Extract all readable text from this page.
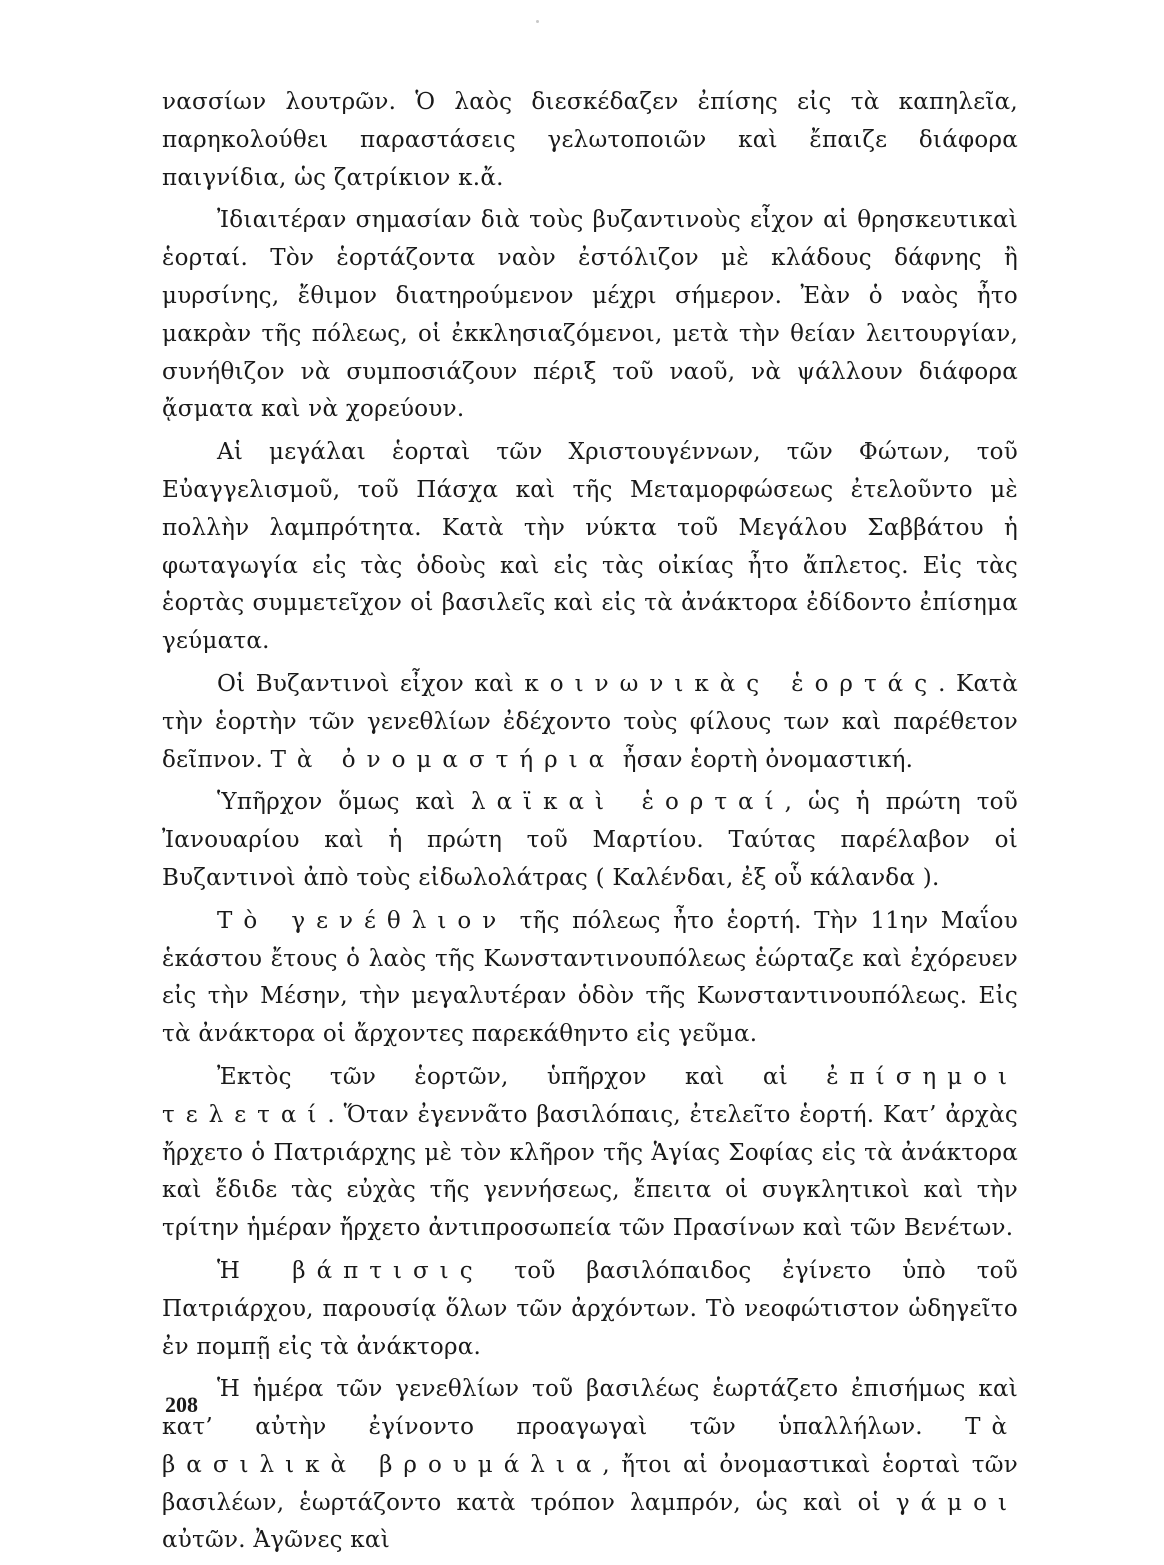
νασσίων λουτρῶν. Ὁ λαὸς διεσκέδαζεν ἐπίσης εἰς τὰ καπηλεῖα, παρηκολούθει παραστάσεις γελωτοποιῶν καὶ ἔπαιζε διάφορα παιγνίδια, ὡς ζατρίκιον κ.ἄ.

Ἰδιαιτέραν σημασίαν διὰ τοὺς βυζαντινοὺς εἶχον αἱ θρησκευτικαὶ ἑορταί. Τὸν ἑορτάζοντα ναὸν ἐστόλιζον μὲ κλάδους δάφνης ἢ μυρσίνης, ἔθιμον διατηρούμενον μέχρι σήμερον. Ἐὰν ὁ ναὸς ἦτο μακρὰν τῆς πόλεως, οἱ ἐκκλησιαζόμενοι, μετὰ τὴν θείαν λειτουργίαν, συνήθιζον νὰ συμποσιάζουν πέριξ τοῦ ναοῦ, νὰ ψάλλουν διάφορα ᾄσματα καὶ νὰ χορεύουν.

Αἱ μεγάλαι ἑορταὶ τῶν Χριστουγέννων, τῶν Φώτων, τοῦ Εὐαγγελισμοῦ, τοῦ Πάσχα καὶ τῆς Μεταμορφώσεως ἐτελοῦντο μὲ πολλὴν λαμπρότητα. Κατὰ τὴν νύκτα τοῦ Μεγάλου Σαββάτου ἡ φωταγωγία εἰς τὰς ὁδοὺς καὶ εἰς τὰς οἰκίας ἦτο ἄπλετος. Εἰς τὰς ἑορτὰς συμμετεῖχον οἱ βασιλεῖς καὶ εἰς τὰ ἀνάκτορα ἐδίδοντο ἐπίσημα γεύματα.

Οἱ Βυζαντινοὶ εἶχον καὶ κοινωνικὰς ἑορτάς. Κατὰ τὴν ἑορτὴν τῶν γενεθλίων ἐδέχοντο τοὺς φίλους των καὶ παρέθετον δεῖπνον. Τὰ ὀνομαστήρια ἦσαν ἑορτὴ ὀνομαστική.

Ὑπῆρχον ὅμως καὶ λαϊκαὶ ἑορταί, ὡς ἡ πρώτη τοῦ Ἰανουαρίου καὶ ἡ πρώτη τοῦ Μαρτίου. Ταύτας παρέλαβον οἱ Βυζαντινοὶ ἀπὸ τοὺς εἰδωλολάτρας ( Καλένδαι, ἐξ οὗ κάλανδα ).

Τὸ γενέθλιον τῆς πόλεως ἦτο ἑορτή. Τὴν 11ην Μαΐου ἑκάστου ἔτους ὁ λαὸς τῆς Κωνσταντινουπόλεως ἑώρταζε καὶ ἐχόρευεν εἰς τὴν Μέσην, τὴν μεγαλυτέραν ὁδὸν τῆς Κωνσταντινουπόλεως. Εἰς τὰ ἀνάκτορα οἱ ἄρχοντες παρεκάθηντο εἰς γεῦμα.

Ἐκτὸς τῶν ἑορτῶν, ὑπῆρχον καὶ αἱ ἐπίσημοι τελεταί. Ὅταν ἐγεννᾶτο βασιλόπαις, ἐτελεῖτο ἑορτή. Κατ’ ἀρχὰς ἤρχετο ὁ Πατριάρχης μὲ τὸν κλῆρον τῆς Ἁγίας Σοφίας εἰς τὰ ἀνάκτορα καὶ ἔδιδε τὰς εὐχὰς τῆς γεννήσεως, ἔπειτα οἱ συγκλητικοὶ καὶ τὴν τρίτην ἡμέραν ἤρχετο ἀντιπροσωπεία τῶν Πρασίνων καὶ τῶν Βενέτων.

Ἡ βάπτισις τοῦ βασιλόπαιδος ἐγίνετο ὑπὸ τοῦ Πατριάρχου, παρουσίᾳ ὅλων τῶν ἀρχόντων. Τὸ νεοφώτιστον ὡδηγεῖτο ἐν πομπῇ εἰς τὰ ἀνάκτορα.

Ἡ ἡμέρα τῶν γενεθλίων τοῦ βασιλέως ἑωρτάζετο ἐπισήμως καὶ κατ’ αὐτὴν ἐγίνοντο προαγωγαὶ τῶν ὑπαλλήλων. Τὰ βασιλικὰ βρουμάλια, ἤτοι αἱ ὀνομαστικαὶ ἑορταὶ τῶν βασιλέων, ἑωρτάζοντο κατὰ τρόπον λαμπρόν, ὡς καὶ οἱ γάμοι αὐτῶν. Ἀγῶνες καὶ

208
